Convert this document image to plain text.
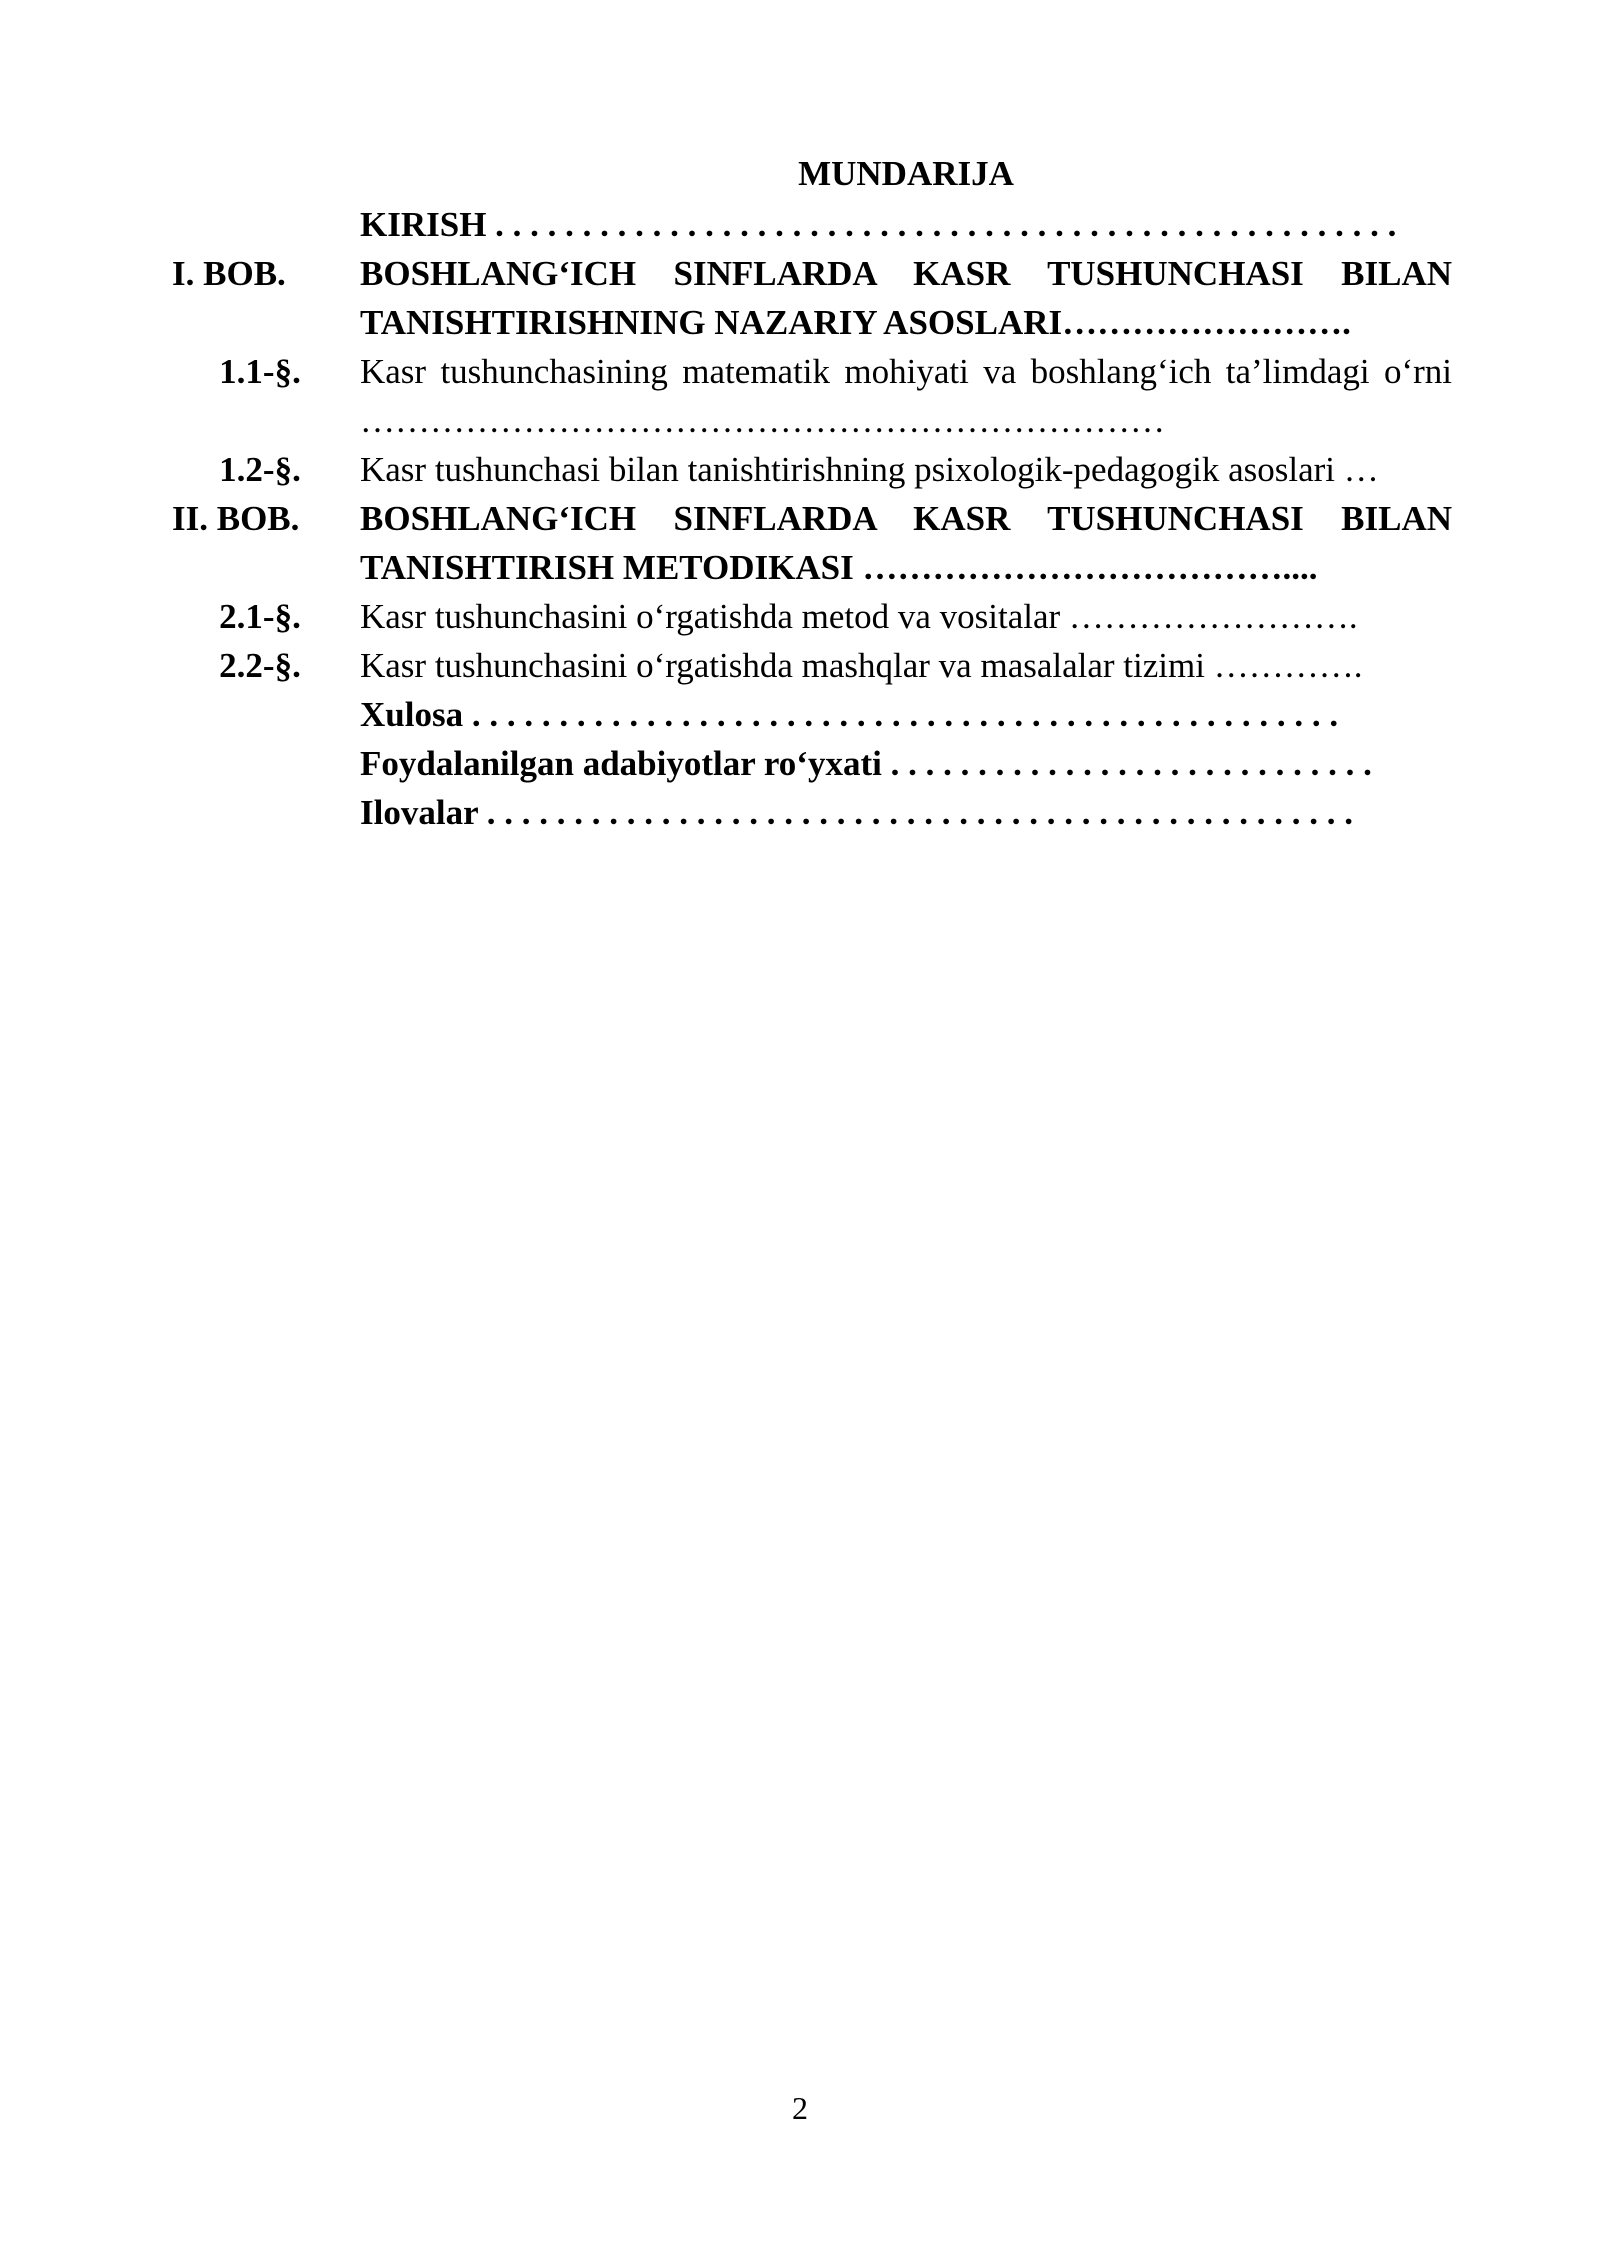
MUNDARIJA
KIRISH . . . . . . . . . . . . . . . . . . . . . . . . . . . . . . . . . . . . . . . . . . . . . . . . . . . .
I. BOB.	BOSHLANG‘ICH SINFLARDA KASR TUSHUNCHASI BILAN TANISHTIRISHNING NAZARIY ASOSLARI…………………….
1.1-§.	Kasr tushunchasining matematik mohiyati va boshlang‘ich ta’limdagi o‘rni ……………………………………………………………
1.2-§.	Kasr tushunchasi bilan tanishtirishning psixologik-pedagogik asoslari …
II. BOB.	BOSHLANG‘ICH SINFLARDA KASR TUSHUNCHASI BILAN TANISHTIRISH METODIKASI ………………………………....
2.1-§.	Kasr tushunchasini o‘rgatishda metod va vositalar …………………….
2.2-§.	Kasr tushunchasini o‘rgatishda mashqlar va masalalar tizimi ………….
Xulosa . . . . . . . . . . . . . . . . . . . . . . . . . . . . . . . . . . . . . . . . . . . . . . . . . .
Foydalanilgan adabiyotlar ro‘yxati . . . . . . . . . . . . . . . . . . . . . . . . . . . .
Ilovalar . . . . . . . . . . . . . . . . . . . . . . . . . . . . . . . . . . . . . . . . . . . . . . . . . .
2
